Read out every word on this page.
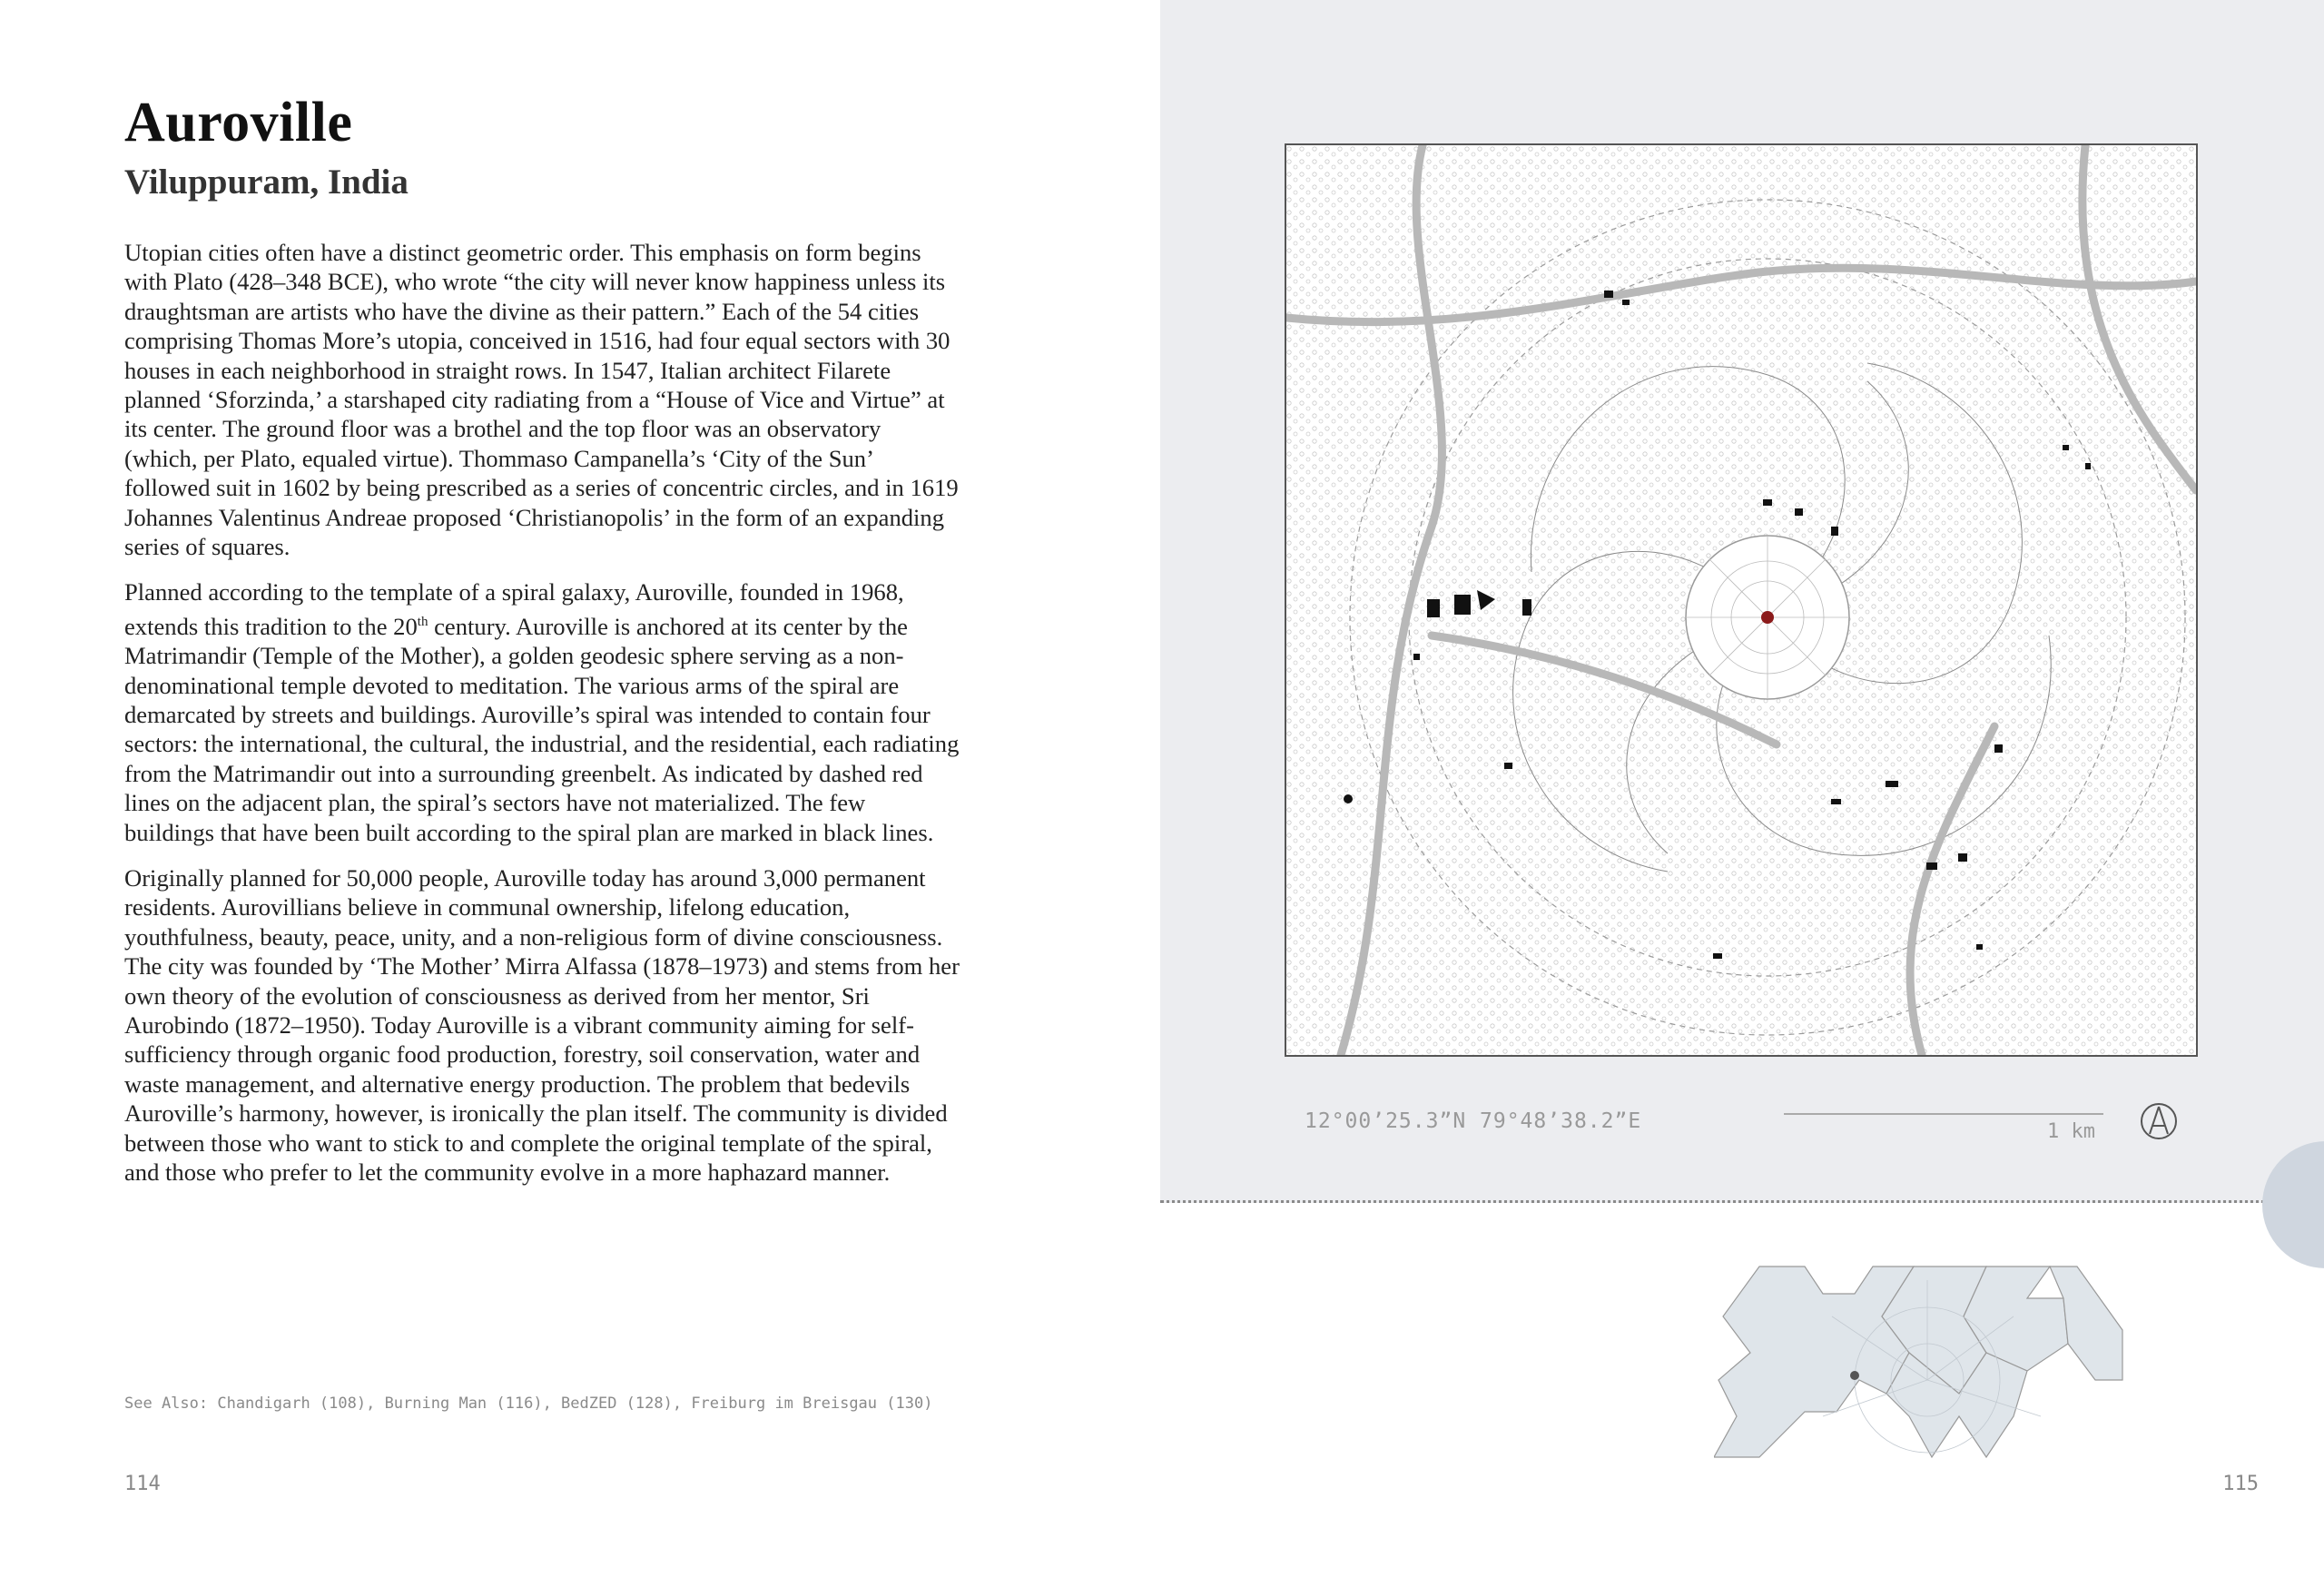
Auroville
Viluppuram, India

Utopian cities often have a distinct geometric order. This emphasis on form begins with Plato (428–348 BCE), who wrote “the city will never know happiness unless its draughtsman are artists who have the divine as their pattern.” Each of the 54 cities comprising Thomas More’s utopia, conceived in 1516, had four equal sectors with 30 houses in each neighborhood in straight rows. In 1547, Italian architect Filarete planned ‘Sforzinda,’ a starshaped city radiating from a “House of Vice and Virtue” at its center. The ground floor was a brothel and the top floor was an observatory (which, per Plato, equaled virtue). Thommaso Campanella’s ‘City of the Sun’ followed suit in 1602 by being prescribed as a series of concentric circles, and in 1619 Johannes Valentinus Andreae proposed ‘Christianopolis’ in the form of an expanding series of squares.

Planned according to the template of a spiral galaxy, Auroville, founded in 1968, extends this tradition to the 20th century. Auroville is anchored at its center by the Matrimandir (Temple of the Mother), a golden geodesic sphere serving as a non-denominational temple devoted to meditation. The various arms of the spiral are demarcated by streets and buildings. Auroville’s spiral was intended to contain four sectors: the international, the cultural, the industrial, and the residential, each radiating from the Matrimandir out into a surrounding greenbelt. As indicated by dashed red lines on the adjacent plan, the spiral’s sectors have not materialized. The few buildings that have been built according to the spiral plan are marked in black lines.

Originally planned for 50,000 people, Auroville today has around 3,000 permanent residents. Aurovillians believe in communal ownership, lifelong education, youthfulness, beauty, peace, unity, and a non-religious form of divine consciousness. The city was founded by ‘The Mother’ Mirra Alfassa (1878–1973) and stems from her own theory of the evolution of consciousness as derived from her mentor, Sri Aurobindo (1872–1950). Today Auroville is a vibrant community aiming for self-sufficiency through organic food production, forestry, soil conservation, water and waste management, and alternative energy production. The problem that bedevils Auroville’s harmony, however, is ironically the plan itself. The community is divided between those who want to stick to and complete the original template of the spiral, and those who prefer to let the community evolve in a more haphazard manner.

See Also: Chandigarh (108), Burning Man (116), BedZED (128), Freiburg im Breisgau (130)
114	115
12°00’25.3”N 79°48’38.2”E	1 km
